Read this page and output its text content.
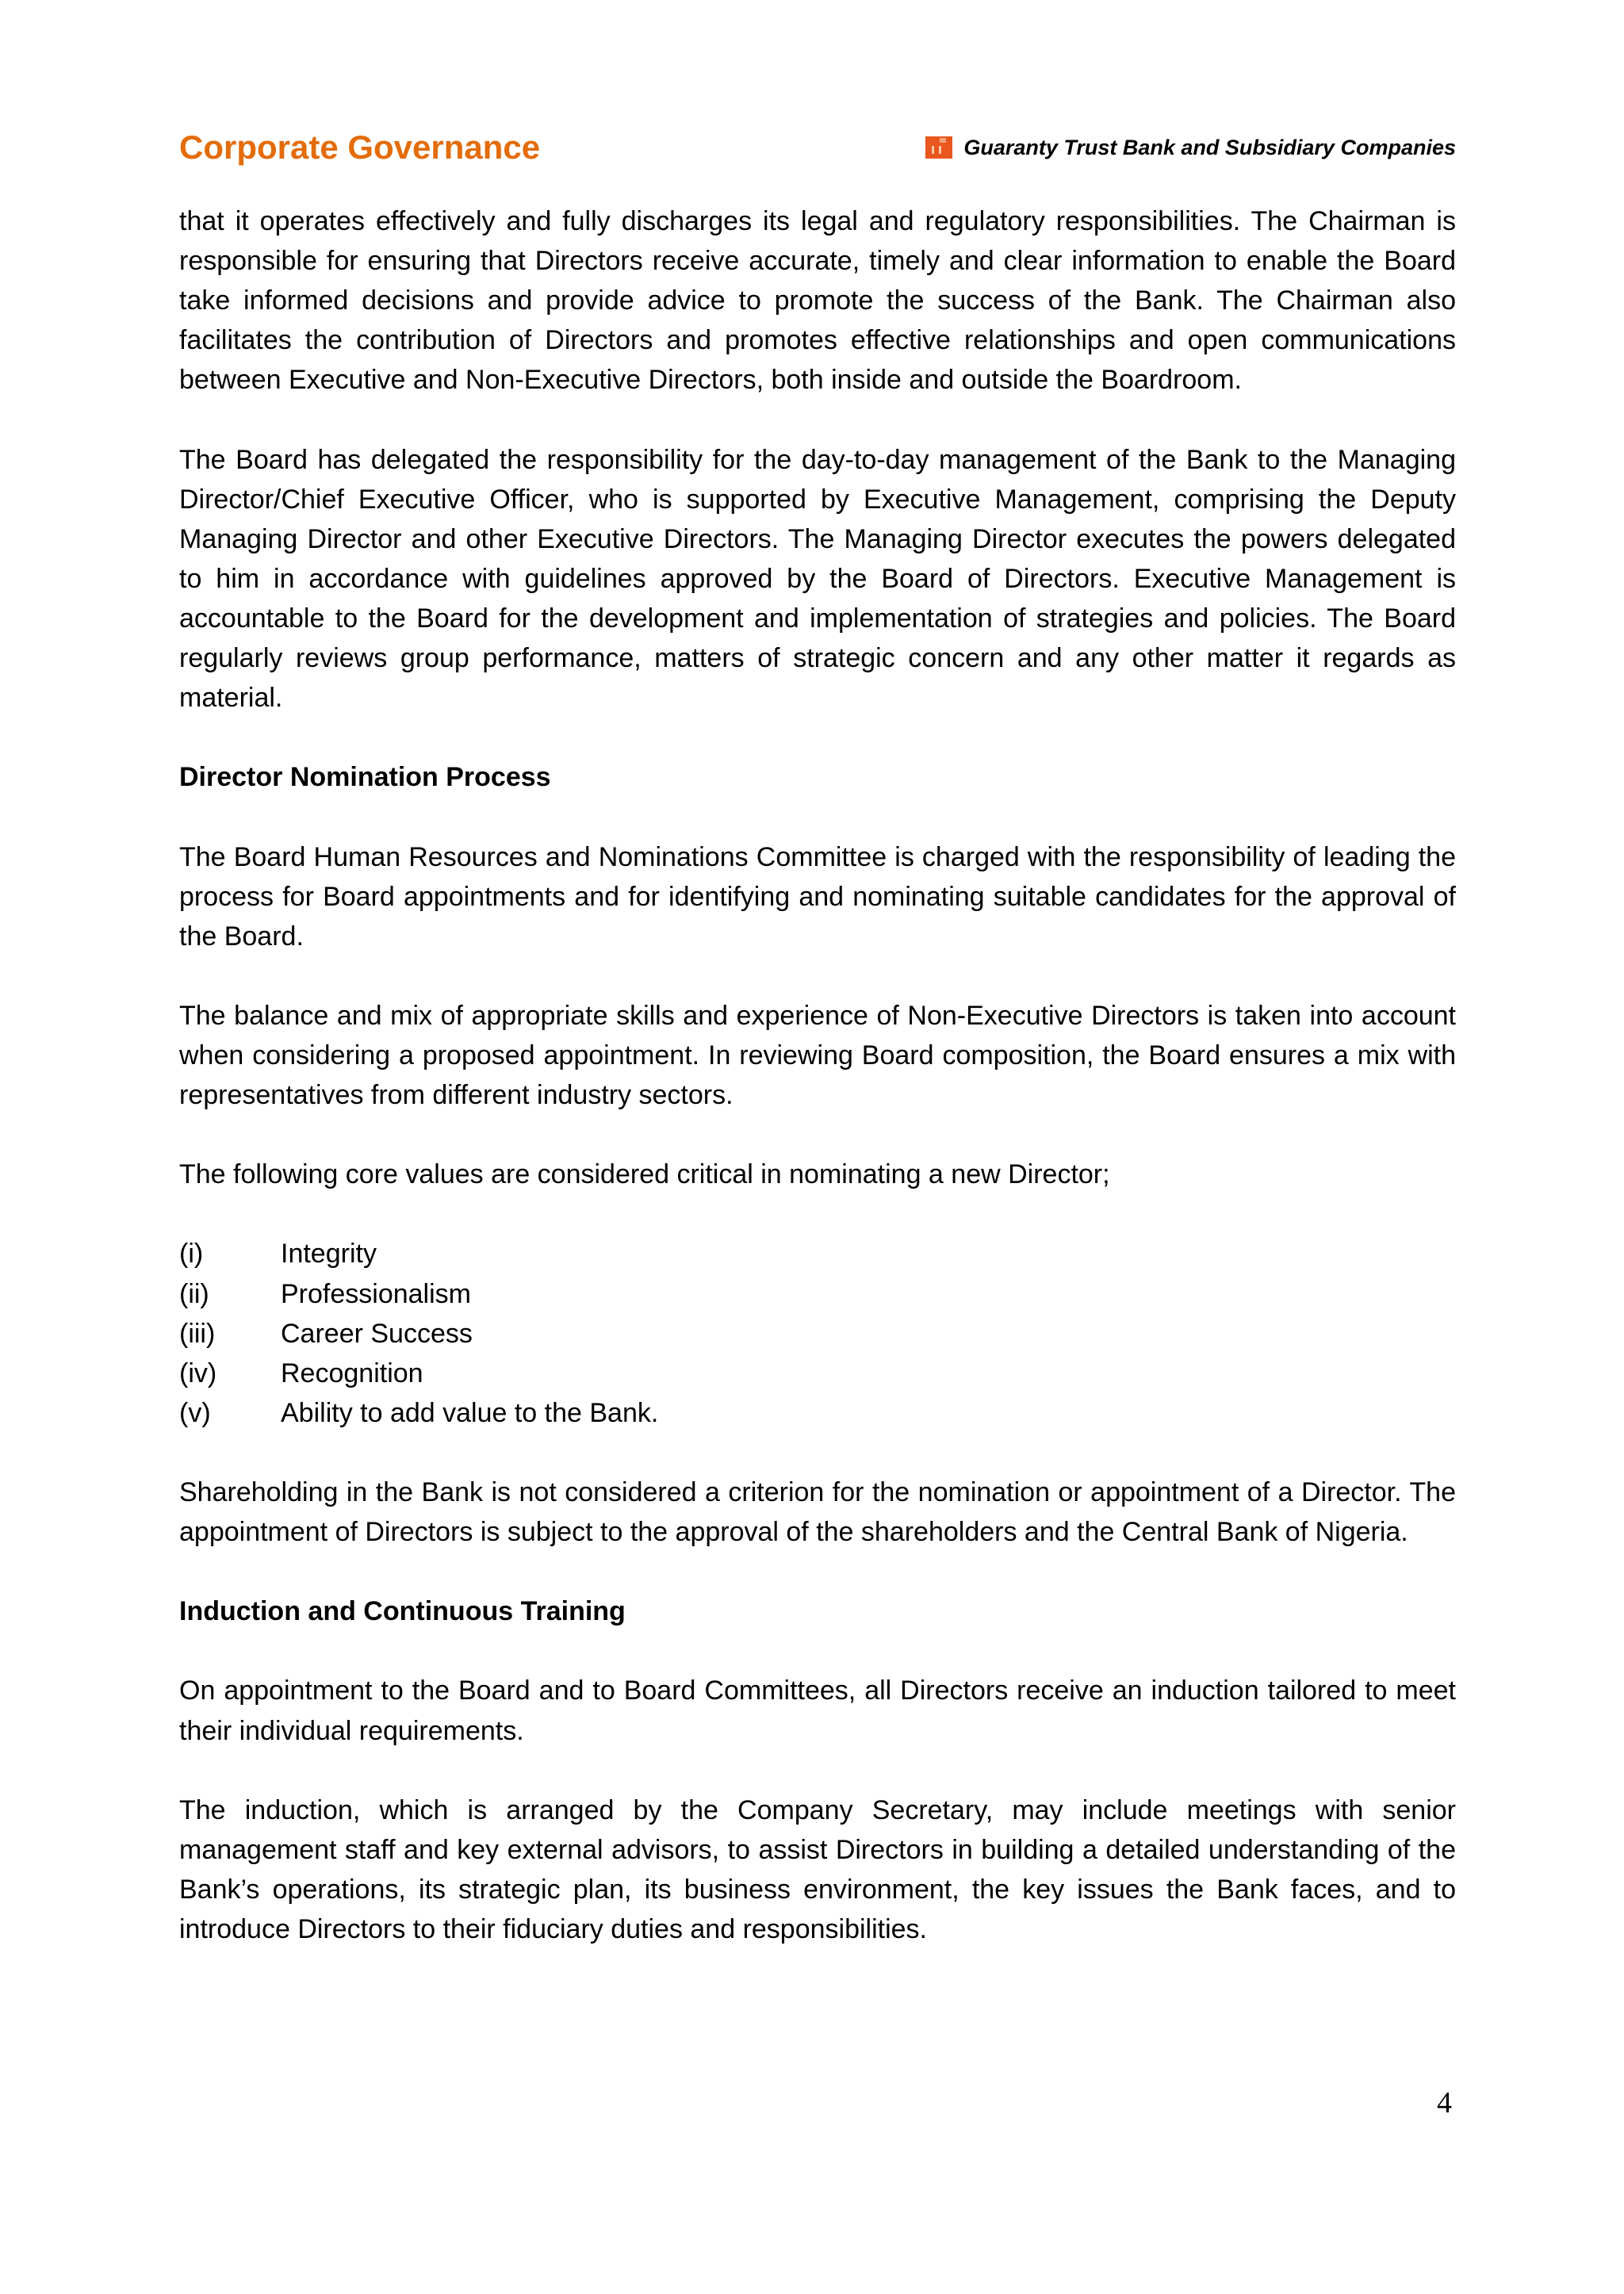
Corporate Governance	Guaranty Trust Bank and Subsidiary Companies

that it operates effectively and fully discharges its legal and regulatory responsibilities. The Chairman is responsible for ensuring that Directors receive accurate, timely and clear information to enable the Board take informed decisions and provide advice to promote the success of the Bank. The Chairman also facilitates the contribution of Directors and promotes effective relationships and open communications between Executive and Non-Executive Directors, both inside and outside the Boardroom.

The Board has delegated the responsibility for the day-to-day management of the Bank to the Managing Director/Chief Executive Officer, who is supported by Executive Management, comprising the Deputy Managing Director and other Executive Directors. The Managing Director executes the powers delegated to him in accordance with guidelines approved by the Board of Directors. Executive Management is accountable to the Board for the development and implementation of strategies and policies. The Board regularly reviews group performance, matters of strategic concern and any other matter it regards as material.

Director Nomination Process

The Board Human Resources and Nominations Committee is charged with the responsibility of leading the process for Board appointments and for identifying and nominating suitable candidates for the approval of the Board.

The balance and mix of appropriate skills and experience of Non-Executive Directors is taken into account when considering a proposed appointment. In reviewing Board composition, the Board ensures a mix with representatives from different industry sectors.

The following core values are considered critical in nominating a new Director;

(i)	Integrity
(ii)	Professionalism
(iii)	Career Success
(iv)	Recognition
(v)	Ability to add value to the Bank.

Shareholding in the Bank is not considered a criterion for the nomination or appointment of a Director. The appointment of Directors is subject to the approval of the shareholders and the Central Bank of Nigeria.

Induction and Continuous Training

On appointment to the Board and to Board Committees, all Directors receive an induction tailored to meet their individual requirements.

The induction, which is arranged by the Company Secretary, may include meetings with senior management staff and key external advisors, to assist Directors in building a detailed understanding of the Bank’s operations, its strategic plan, its business environment, the key issues the Bank faces, and to introduce Directors to their fiduciary duties and responsibilities.

4
